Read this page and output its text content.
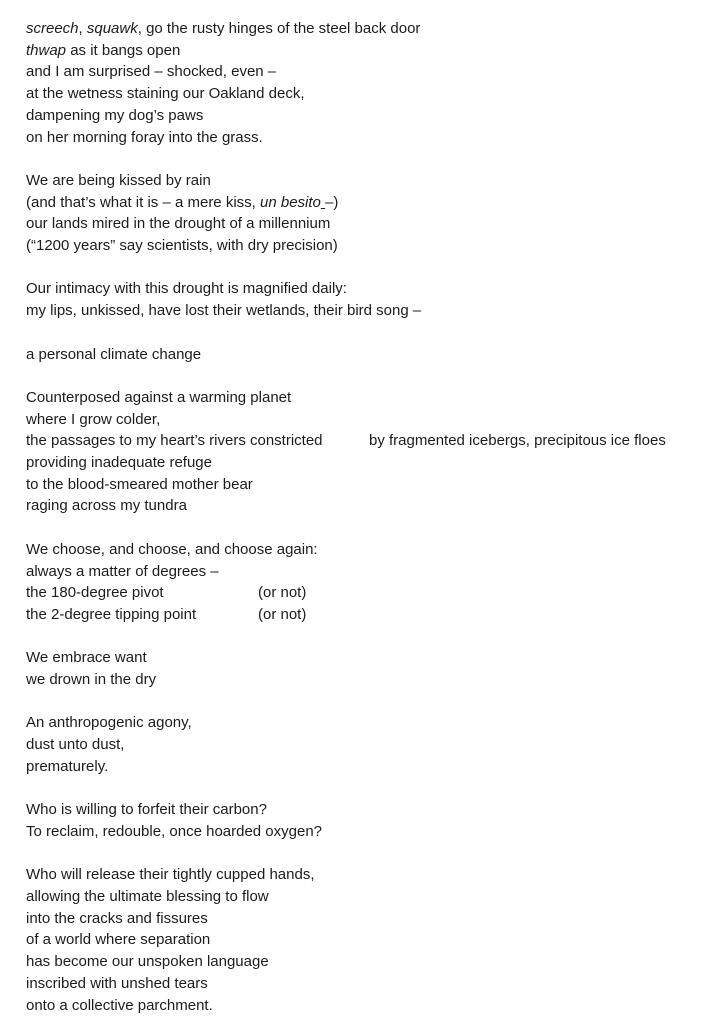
screech, squawk, go the rusty hinges of the steel back door
thwap as it bangs open
and I am surprised – shocked, even –
at the wetness staining our Oakland deck,
dampening my dog’s paws
on her morning foray into the grass.
We are being kissed by rain
(and that’s what it is – a mere kiss, un besito –)
our lands mired in the drought of a millennium
(“1200 years” say scientists, with dry precision)
Our intimacy with this drought is magnified daily:
my lips, unkissed, have lost their wetlands, their bird song –
a personal climate change
Counterposed against a warming planet
where I grow colder,
the passages to my heart’s rivers constricted	by fragmented icebergs, precipitous ice floes
providing inadequate refuge
to the blood-smeared mother bear
raging across my tundra
We choose, and choose, and choose again:
always a matter of degrees –
the 180-degree pivot	(or not)
the 2-degree tipping point	(or not)
We embrace want
we drown in the dry
An anthropogenic agony,
dust unto dust,
prematurely.
Who is willing to forfeit their carbon?
To reclaim, redouble, once hoarded oxygen?
Who will release their tightly cupped hands,
allowing the ultimate blessing to flow
into the cracks and fissures
of a world where separation
has become our unspoken language
inscribed with unshed tears
onto a collective parchment.
